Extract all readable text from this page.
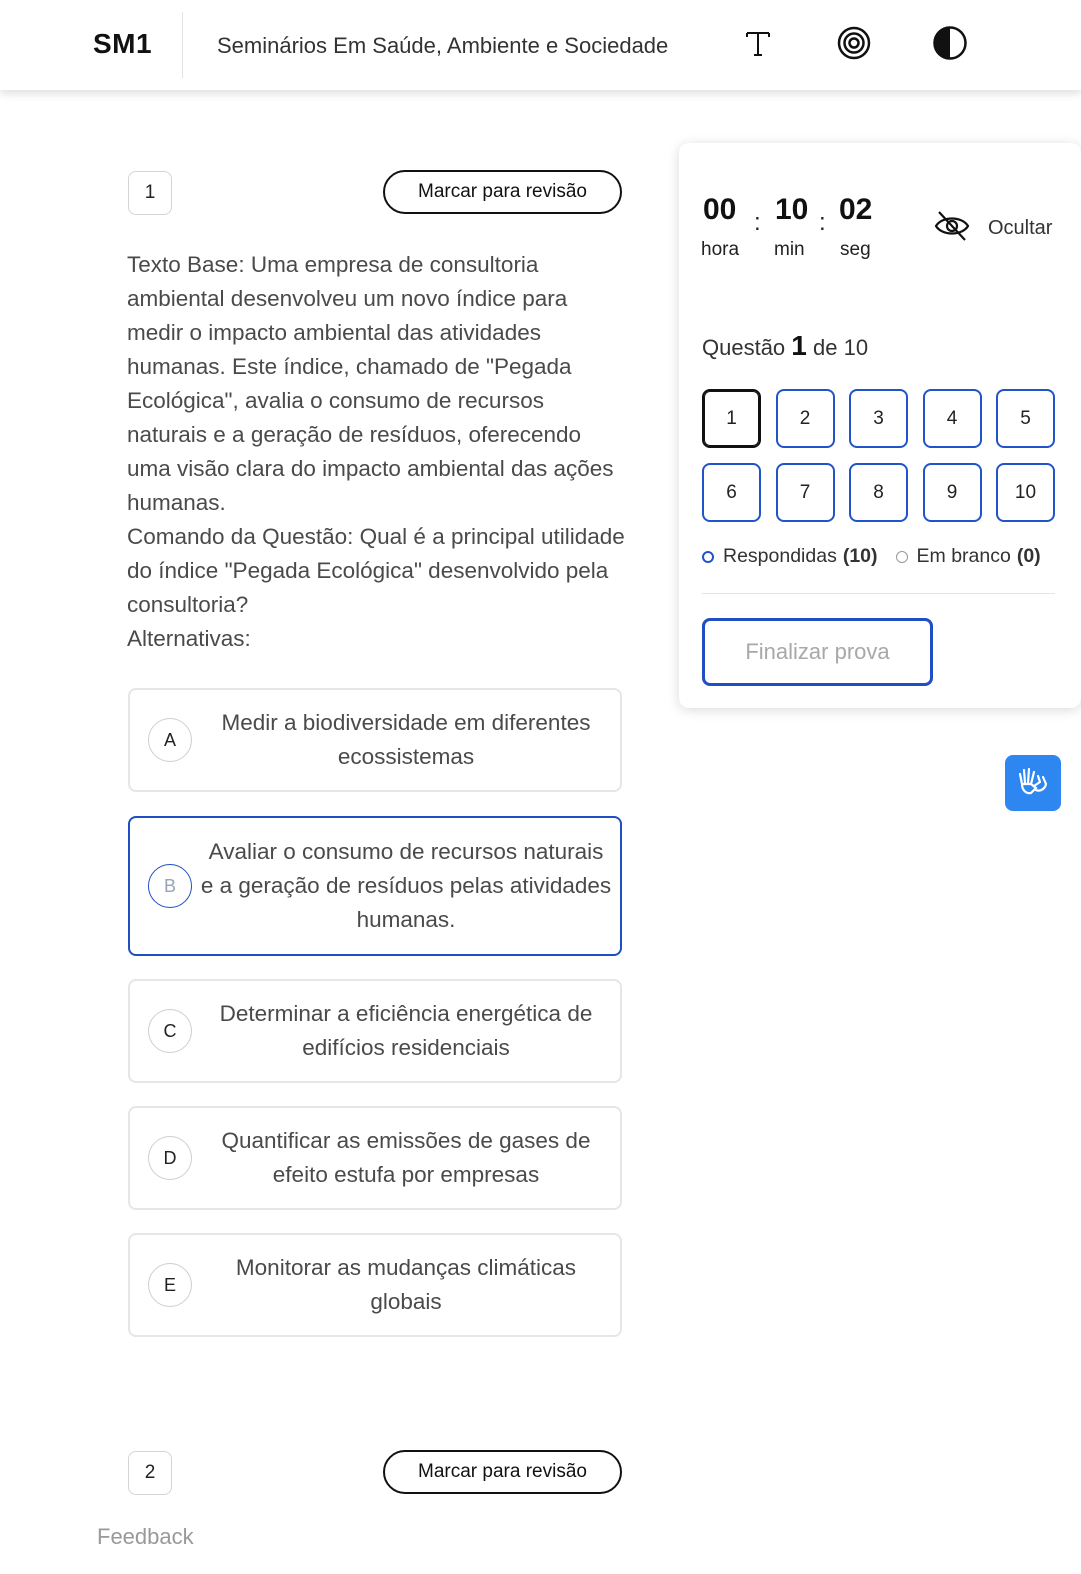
SM1	Seminários Em Saúde, Ambiente e Sociedade
1	Marcar para revisão

Texto Base: Uma empresa de consultoria ambiental desenvolveu um novo índice para medir o impacto ambiental das atividades humanas. Este índice, chamado de "Pegada Ecológica", avalia o consumo de recursos naturais e a geração de resíduos, oferecendo uma visão clara do impacto ambiental das ações humanas.

Comando da Questão: Qual é a principal utilidade do índice "Pegada Ecológica" desenvolvido pela consultoria?

Alternativas:

A
Medir a biodiversidade em diferentes ecossistemas
B
Avaliar o consumo de recursos naturais e a geração de resíduos pelas atividades humanas.
C
Determinar a eficiência energética de edifícios residenciais
D
Quantificar as emissões de gases de efeito estufa por empresas
E
Monitorar as mudanças climáticas globais
2	Marcar para revisão
00
hora
: 10
min
: 02
seg
Ocultar
Questão 1 de 10
1	2	3	4	5
6	7	8	9	10
Respondidas (10) Em branco (0)
Finalizar prova
Feedback
